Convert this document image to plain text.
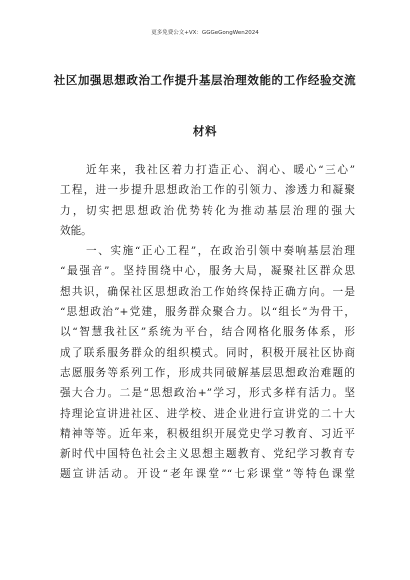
更多免费公文+VX：GGGeGongWen2024
社区加强思想政治工作提升基层治理效能的工作经验交流
材料
近年来，我社区着力打造正心、润心、暖心“三心”
工程，进一步提升思想政治工作的引领力、渗透力和凝聚
力，切实把思想政治优势转化为推动基层治理的强大
效能。
一、实施“正心工程”，在政治引领中奏响基层治理
“最强音”。坚持围绕中心，服务大局，凝聚社区群众思
想共识，确保社区思想政治工作始终保持正确方向。一是
“思想政治”+党建，服务群众聚合力。以“组长”为骨干，
以“智慧我社区”系统为平台，结合网格化服务体系，形
成了联系服务群众的组织模式。同时，积极开展社区协商
志愿服务等系列工作，形成共同破解基层思想政治难题的
强大合力。二是“思想政治+”学习，形式多样有活力。坚
持理论宣讲进社区、进学校、进企业进行宣讲党的二十大
精神等等。近年来，积极组织开展党史学习教育、习近平
新时代中国特色社会主义思想主题教育、党纪学习教育专
题宣讲活动。开设“老年课堂”“七彩课堂”等特色课堂
